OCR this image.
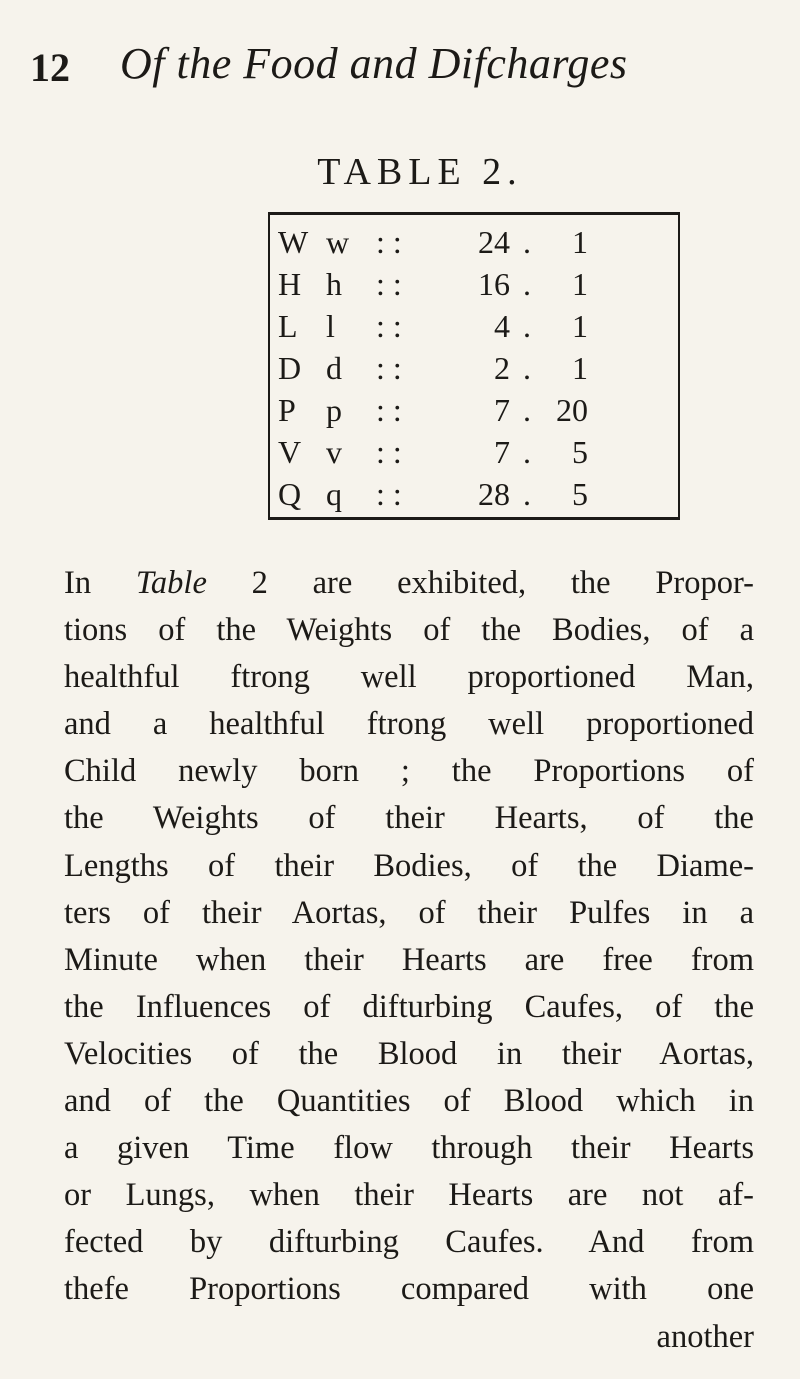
12 Of the Food and Difcharges
TABLE 2.
W w : :	24 .	1
H h	: :	16 .	1
L l	: :	4 .	1
D d	: :	2 .	1
P p	: :	7 . 20
V v	: :	7 .	5
Q q	: :	28 .	5
In Table 2 are exhibited, the Propor-
tions of the Weights of the Bodies, of a
healthful ftrong well proportioned Man,
and a healthful ftrong well proportioned
Child newly born ; the Proportions of
the Weights of their Hearts, of the
Lengths of their Bodies, of the Diame-
ters of their Aortas, of their Pulfes in a
Minute when their Hearts are free from
the Influences of difturbing Caufes, of the
Velocities of the Blood in their Aortas,
and of the Quantities of Blood which in
a given Time flow through their Hearts
or Lungs, when their Hearts are not af-
fected by difturbing Caufes. And from
thefe Proportions compared with one
another
